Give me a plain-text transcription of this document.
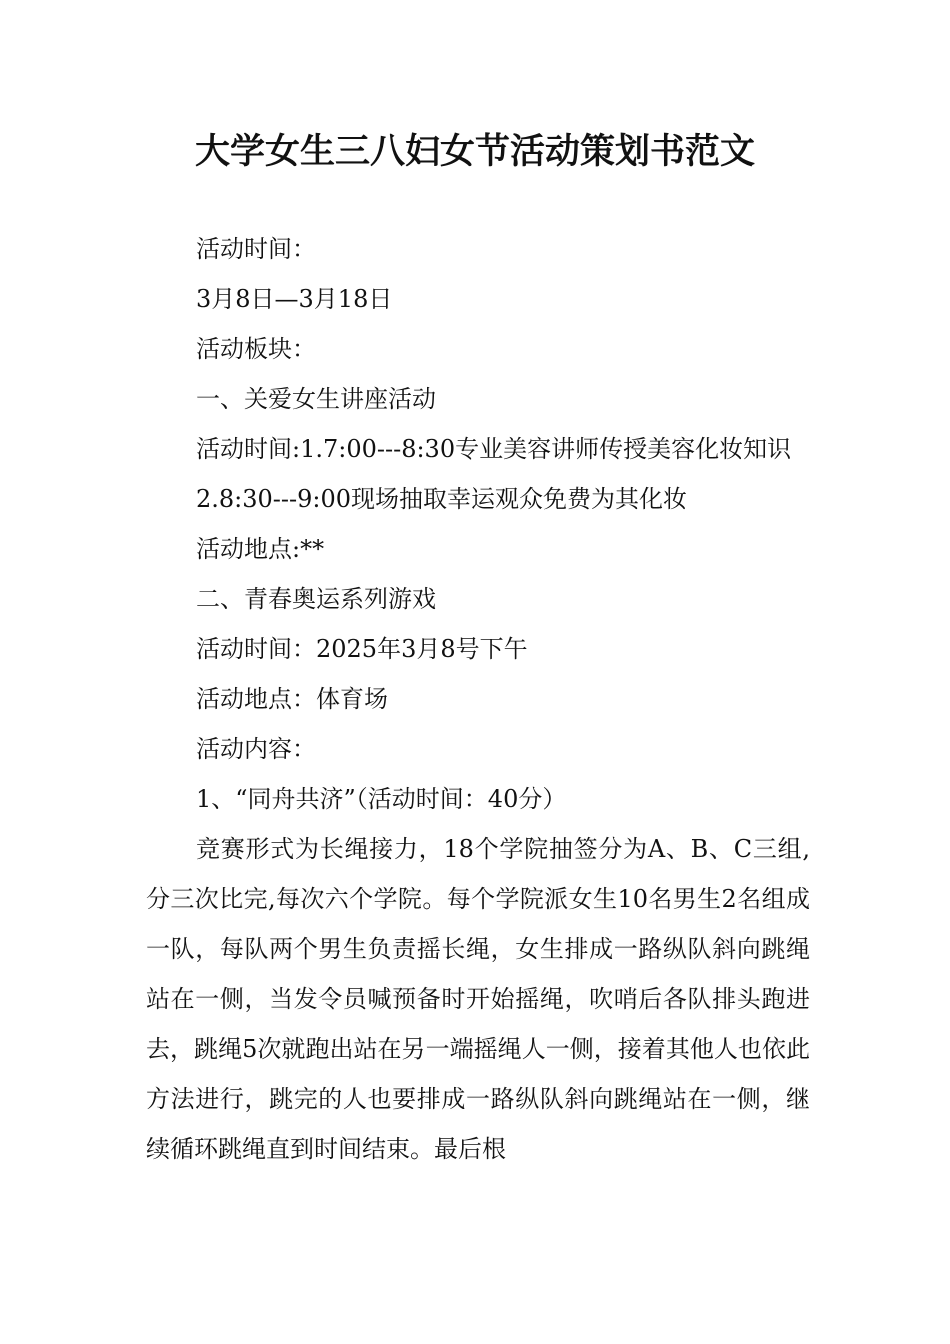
大学女生三八妇女节活动策划书范文

活动时间：

3月8日—3月18日

活动板块：

一、关爱女生讲座活动

活动时间:1.7:00---8:30专业美容讲师传授美容化妆知识

2.8:30---9:00现场抽取幸运观众免费为其化妆

活动地点:**

二、青春奥运系列游戏

活动时间：2025年3月8号下午

活动地点：体育场

活动内容：

1、“同舟共济”（活动时间：40分）

竞赛形式为长绳接力，18个学院抽签分为A、B、C三组,分三次比完,每次六个学院。每个学院派女生10名男生2名组成一队，每队两个男生负责摇长绳，女生排成一路纵队斜向跳绳站在一侧，当发令员喊预备时开始摇绳，吹哨后各队排头跑进去，跳绳5次就跑出站在另一端摇绳人一侧，接着其他人也依此方法进行，跳完的人也要排成一路纵队斜向跳绳站在一侧，继续循环跳绳直到时间结束。最后根
